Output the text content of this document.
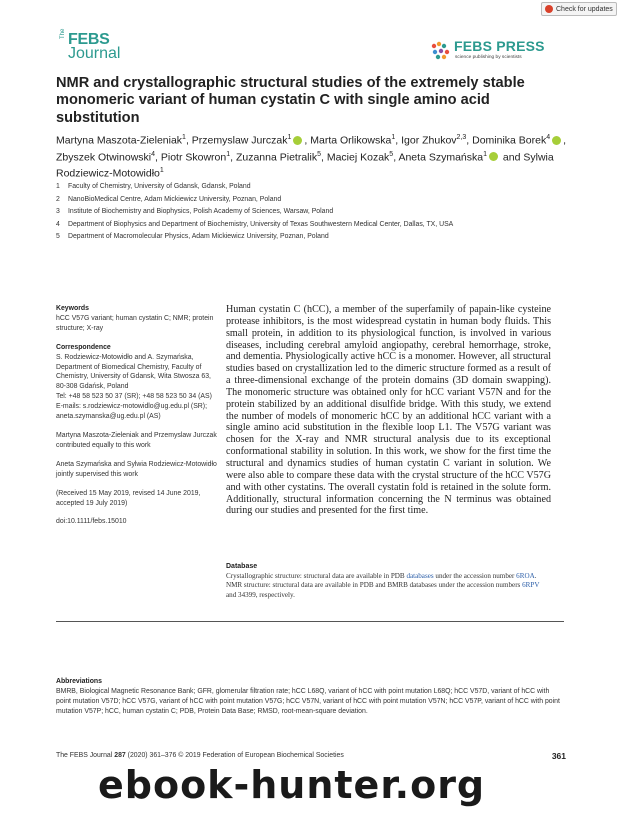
Check for updates
The FEBS
Journal	FEBS PRESS
science publishing by scientists
NMR and crystallographic structural studies of the extremely stable monomeric variant of human cystatin C with single amino acid substitution
Martyna Maszota-Zieleniak$^1$, Przemyslaw Jurczak$^1$ , Marta Orlikowska$^1$, Igor Zhukov$^{2,3}$, Dominika Borek$^4$ , Zbyszek Otwinowski$^4$, Piotr Skowron$^1$, Zuzanna Pietralik$^5$, Maciej Kozak$^5$, Aneta Szymańska$^1$ and Sylwia Rodziewicz-Motowidło$^1$
1 Faculty of Chemistry, University of Gdansk, Gdansk, Poland
2 NanoBioMedical Centre, Adam Mickiewicz University, Poznan, Poland
3 Institute of Biochemistry and Biophysics, Polish Academy of Sciences, Warsaw, Poland
4 Department of Biophysics and Department of Biochemistry, University of Texas Southwestern Medical Center, Dallas, TX, USA
5 Department of Macromolecular Physics, Adam Mickiewicz University, Poznan, Poland
Keywords
hCC V57G variant; human cystatin C; NMR; protein structure; X-ray
Correspondence
S. Rodziewicz-Motowidło and A. Szymańska, Department of Biomedical Chemistry, Faculty of Chemistry, University of Gdansk, Wita Stwosza 63, 80-308 Gdańsk, Poland
Tel: +48 58 523 50 37 (SR); +48 58 523 50 34 (AS)
E-mails: s.rodziewicz-motowidlo@ug.edu.pl (SR); aneta.szymanska@ug.edu.pl (AS)
Martyna Maszota-Zieleniak and Przemyslaw Jurczak contributed equally to this work
Aneta Szymańska and Sylwia Rodziewicz-Motowidło jointly supervised this work
(Received 15 May 2019, revised 14 June 2019, accepted 19 July 2019)
doi:10.1111/febs.15010
Human cystatin C (hCC), a member of the superfamily of papain-like cysteine protease inhibitors, is the most widespread cystatin in human body fluids. This small protein, in addition to its physiological function, is involved in various diseases, including cerebral amyloid angiopathy, cerebral hemorrhage, stroke, and dementia. Physiologically active hCC is a monomer. However, all structural studies based on crystallization led to the dimeric structure formed as a result of a three-dimensional exchange of the protein domains (3D domain swapping). The monomeric structure was obtained only for hCC variant V57N and for the protein stabilized by an additional disulfide bridge. With this study, we extend the number of models of monomeric hCC by an additional hCC variant with a single amino acid substitution in the flexible loop L1. The V57G variant was chosen for the X-ray and NMR structural analysis due to its exceptional conformational stability in solution. In this work, we show for the first time the structural and dynamics studies of human cystatin C variant in solution. We were also able to compare these data with the crystal structure of the hCC V57G and with other cystatins. The overall cystatin fold is retained in the solute form. Additionally, structural information concerning the N terminus was obtained during our studies and presented for the first time.
Database
Crystallographic structure: structural data are available in PDB databases under the accession number 6ROA. NMR structure: structural data are available in PDB and BMRB databases under the accession numbers 6RPV and 34399, respectively.
Abbreviations
BMRB, Biological Magnetic Resonance Bank; GFR, glomerular filtration rate; hCC L68Q, variant of hCC with point mutation L68Q; hCC V57D, variant of hCC with point mutation V57D; hCC V57G, variant of hCC with point mutation V57G; hCC V57N, variant of hCC with point mutation V57N; hCC V57P, variant of hCC with point mutation V57P; hCC, human cystatin C; PDB, Protein Data Base; RMSD, root-mean-square deviation.
The FEBS Journal 287 (2020) 361–376 © 2019 Federation of European Biochemical Societies	361
ebook-hunter.org
